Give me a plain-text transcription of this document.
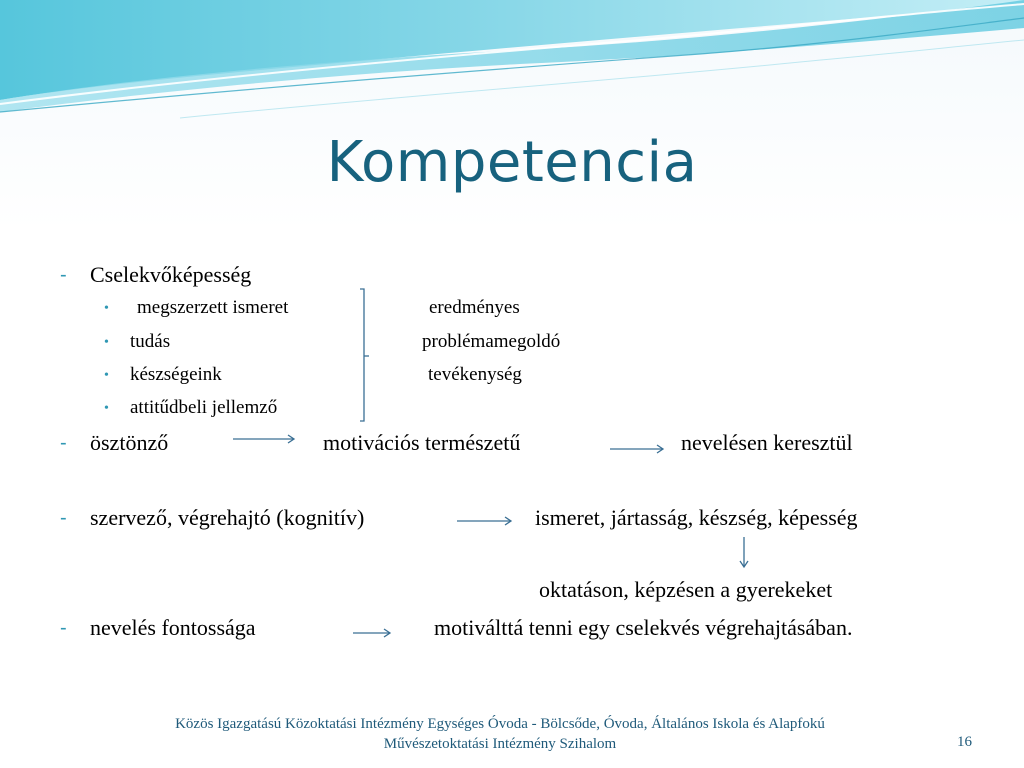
Kompetencia
- Cselekvőképesség
• megszerzett ismeret
• tudás
• készségeink
• attitűdbeli jellemző
eredményes
problémamegoldó
tevékenység
- ösztönző	motivációs természetű	nevelésen keresztül
- szervező, végrehajtó (kognitív)	ismeret, jártasság, készség, képesség
oktatáson, képzésen a gyerekeket
- nevelés fontossága	motiválttá tenni egy cselekvés végrehajtásában.
Közös Igazgatású Közoktatási Intézmény Egységes Óvoda - Bölcsőde, Óvoda, Általános Iskola és Alapfokú
Művészetoktatási Intézmény Szihalom	16
